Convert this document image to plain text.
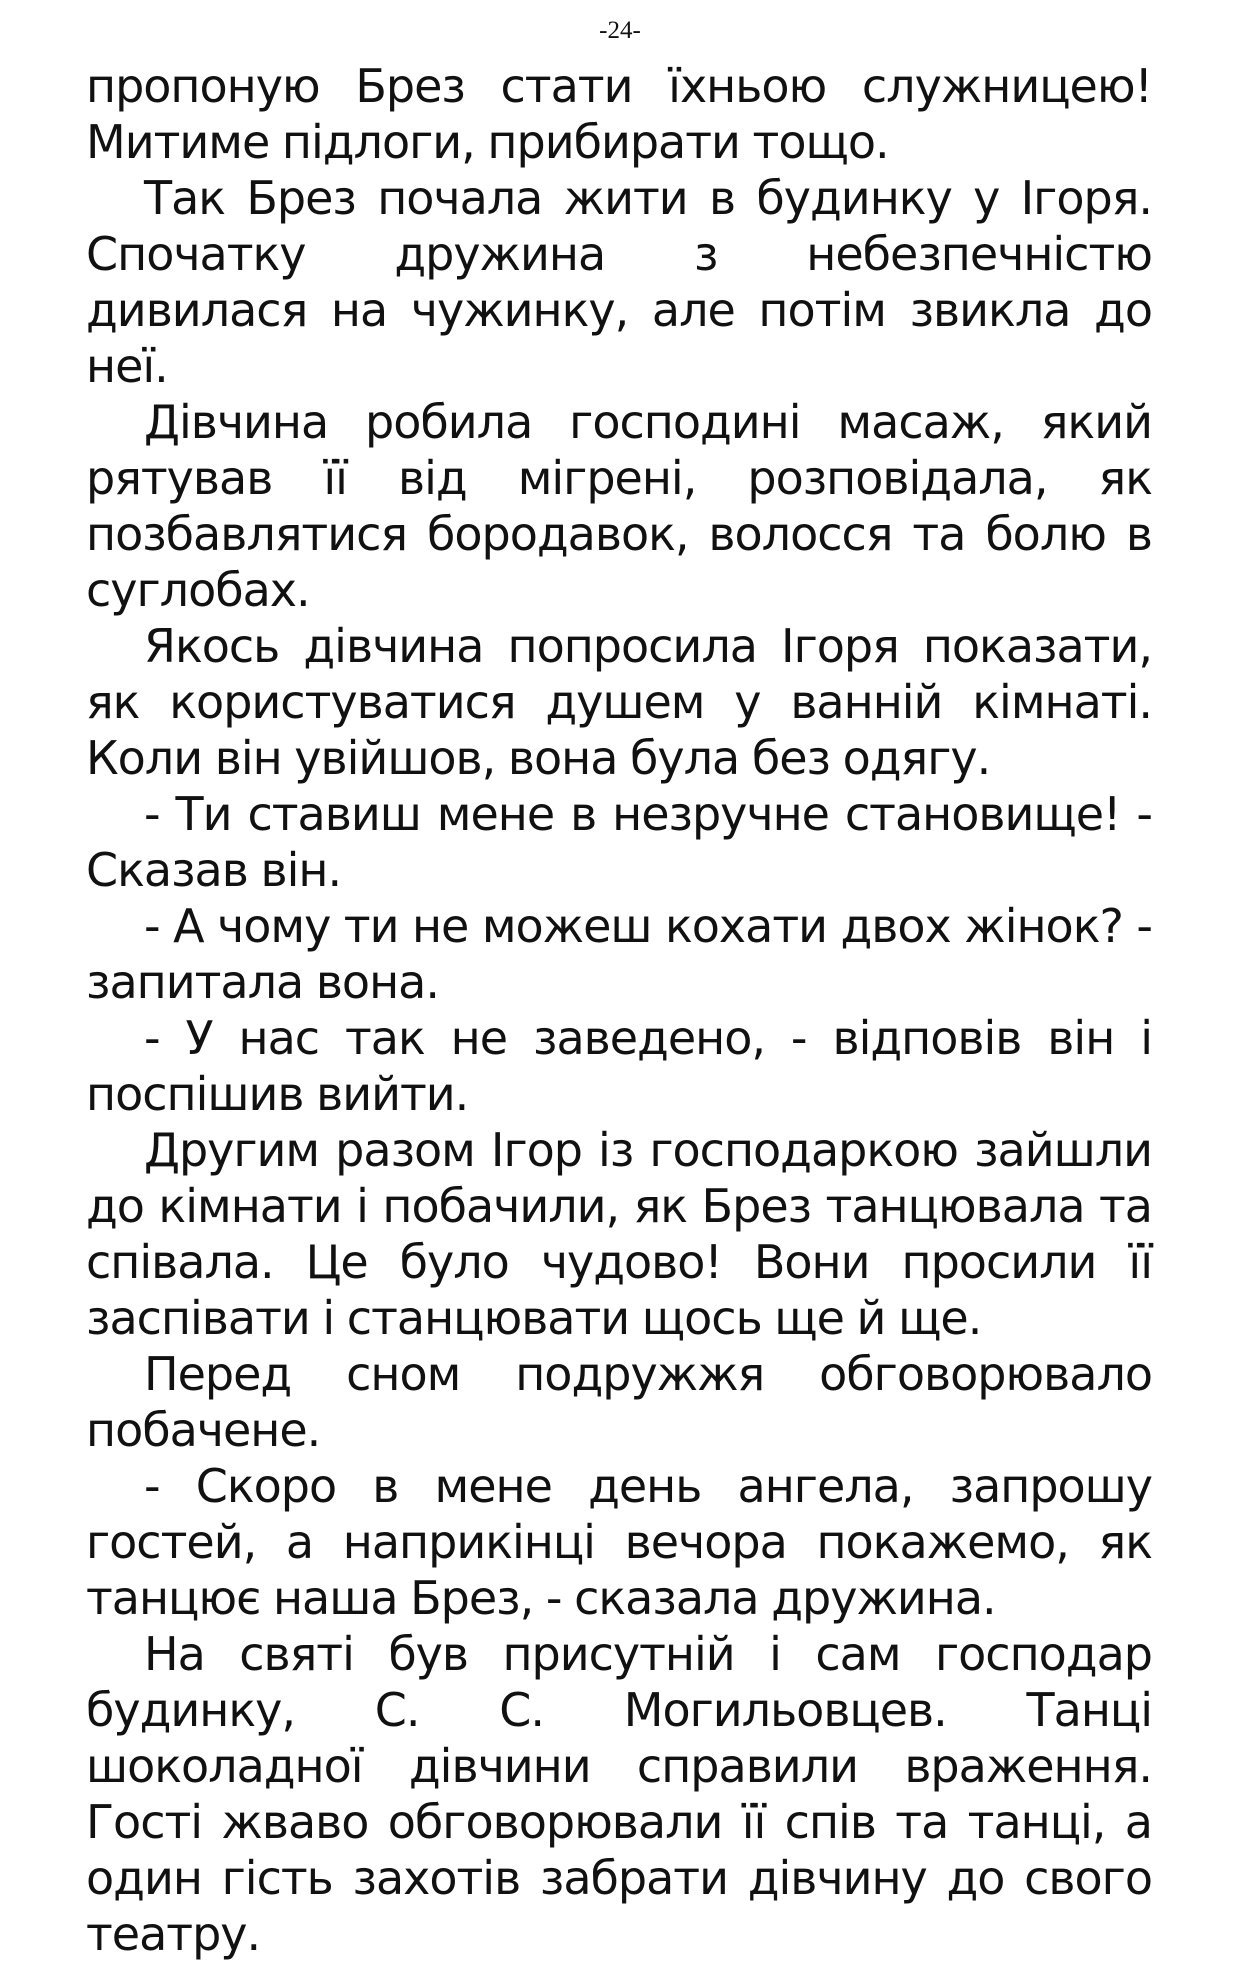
-24-

пропоную Брез стати їхньою служницею! Митиме підлоги, прибирати тощо.

Так Брез почала жити в будинку у Ігоря. Спочатку дружина з небезпечністю дивилася на чужинку, але потім звикла до неї.

Дівчина робила господині масаж, який рятував її від мігрені, розповідала, як позбавлятися бородавок, волосся та болю в суглобах.

Якось дівчина попросила Ігоря показати, як користуватися душем у ванній кімнаті. Коли він увійшов, вона була без одягу.

- Ти ставиш мене в незручне становище! - Сказав він.

- А чому ти не можеш кохати двох жінок? - запитала вона.

- У нас так не заведено, - відповів він і поспішив вийти.

Другим разом Ігор із господаркою зайшли до кімнати і побачили, як Брез танцювала та співала. Це було чудово! Вони просили її заспівати і станцювати щось ще й ще.

Перед сном подружжя обговорювало побачене.

- Скоро в мене день ангела, запрошу гостей, а наприкінці вечора покажемо, як танцює наша Брез, - сказала дружина.

На святі був присутній і сам господар будинку, С. С. Могильовцев. Танці шоколадної дівчини справили враження. Гості жваво обговорювали її спів та танці, а один гість захотів забрати дівчину до свого театру.
